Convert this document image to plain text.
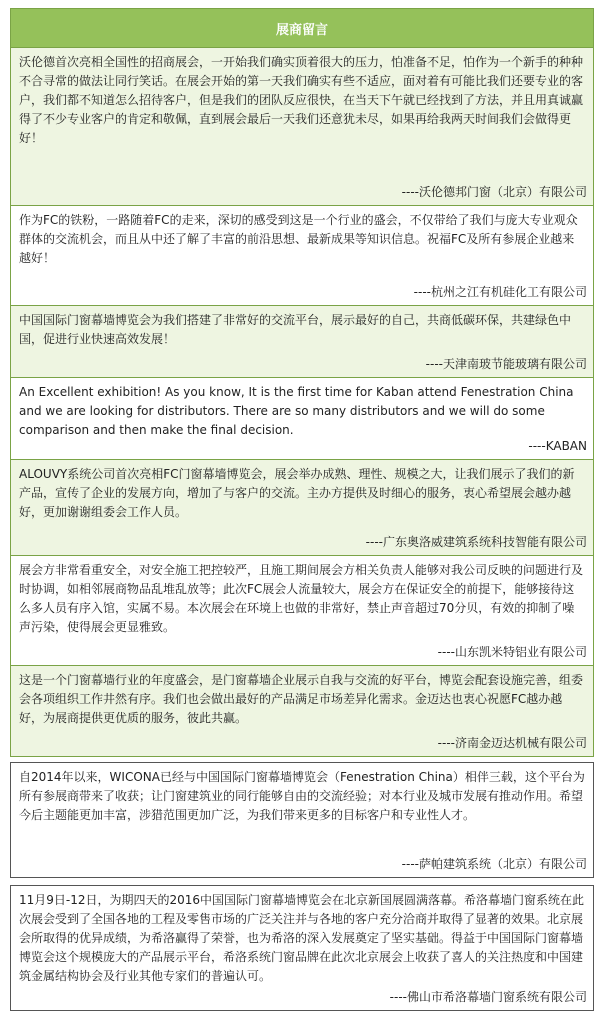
展商留言

沃伦德首次亮相全国性的招商展会，一开始我们确实顶着很大的压力，怕准备不足，怕作为一个新手的种种不合寻常的做法让同行笑话。在展会开始的第一天我们确实有些不适应，面对着有可能比我们还要专业的客户，我们都不知道怎么招待客户，但是我们的团队反应很快，在当天下午就已经找到了方法，并且用真诚赢得了不少专业客户的肯定和敬佩，直到展会最后一天我们还意犹未尽，如果再给我两天时间我们会做得更好！

----沃伦德邦门窗（北京）有限公司

作为FC的铁粉，一路随着FC的走来，深切的感受到这是一个行业的盛会，不仅带给了我们与庞大专业观众群体的交流机会，而且从中还了解了丰富的前沿思想、最新成果等知识信息。祝福FC及所有参展企业越来越好！

----杭州之江有机硅化工有限公司

中国国际门窗幕墙博览会为我们搭建了非常好的交流平台，展示最好的自己，共商低碳环保，共建绿色中国，促进行业快速高效发展！

----天津南玻节能玻璃有限公司

An Excellent exhibition! As you know, It is the first time for Kaban attend Fenestration China and we are looking for distributors. There are so many distributors and we will do some comparison and then make the final decision.

----KABAN

ALOUVY系统公司首次亮相FC门窗幕墙博览会，展会举办成熟、理性、规模之大，让我们展示了我们的新产品，宣传了企业的发展方向，增加了与客户的交流。主办方提供及时细心的服务，衷心希望展会越办越好，更加谢谢组委会工作人员。

----广东奥洛威建筑系统科技智能有限公司

展会方非常看重安全，对安全施工把控较严，且施工期间展会方相关负责人能够对我公司反映的问题进行及时协调，如相邻展商物品乱堆乱放等；此次FC展会人流量较大，展会方在保证安全的前提下，能够接待这么多人员有序入馆，实属不易。本次展会在环境上也做的非常好，禁止声音超过70分贝，有效的抑制了噪声污染，使得展会更显雅致。

----山东凯米特铝业有限公司

这是一个门窗幕墙行业的年度盛会，是门窗幕墙企业展示自我与交流的好平台，博览会配套设施完善，组委会各项组织工作井然有序。我们也会做出最好的产品满足市场差异化需求。金迈达也衷心祝愿FC越办越好，为展商提供更优质的服务，彼此共赢。

----济南金迈达机械有限公司

自2014年以来，WICONA已经与中国国际门窗幕墙博览会（Fenestration China）相伴三载，这个平台为所有参展商带来了收获；让门窗建筑业的同行能够自由的交流经验；对本行业及城市发展有推动作用。希望今后主题能更加丰富，涉猎范围更加广泛，为我们带来更多的目标客户和专业性人才。

----萨帕建筑系统（北京）有限公司

11月9日-12日，为期四天的2016中国国际门窗幕墙博览会在北京新国展圆满落幕。希洛幕墙门窗系统在此次展会受到了全国各地的工程及零售市场的广泛关注并与各地的客户充分洽商并取得了显著的效果。北京展会所取得的优异成绩，为希洛赢得了荣誉，也为希洛的深入发展奠定了坚实基础。得益于中国国际门窗幕墙博览会这个规模庞大的产品展示平台，希洛系统门窗品牌在此次北京展会上收获了喜人的关注热度和中国建筑金属结构协会及行业其他专家们的普遍认可。

----佛山市希洛幕墙门窗系统有限公司
